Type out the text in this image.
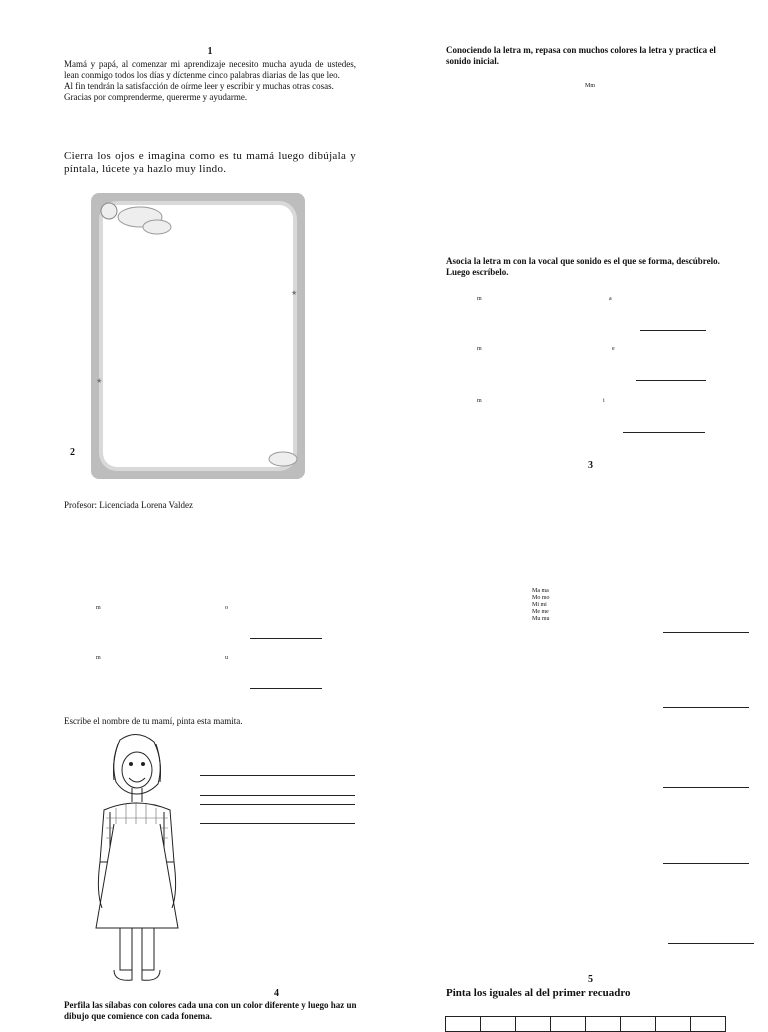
1
Mamá y papá, al comenzar mi aprendizaje necesito mucha ayuda de ustedes, lean conmigo todos los días y díctenme cinco palabras diarias de las que leo.
Al fin tendrán la satisfacción de oírme leer y escribir y muchas otras cosas.
Gracias por comprenderme, quererme y ayudarme.
Cierra los ojos e imagina como es tu mamá luego dibújala y píntala, lúcete ya hazlo muy lindo.
★
★
2
Profesor: Licenciada Lorena Valdez
Conociendo la letra m, repasa con muchos colores la letra y practica el sonido inicial.
Mm
Asocia la letra m con la vocal que sonido es el que se forma, descúbrelo. Luego escríbelo.
m	a
m	e
m	i
3
m	o
m	u
Escribe el nombre de tu mamí, pinta esta mamita.
4
Perfila las sílabas con colores cada una con un color diferente y luego haz un dibujo que comience con cada fonema.
Ma ma
Mo mo
Mi mi
Me me
Mu mu
5
Pinta los iguales al del primer recuadro
